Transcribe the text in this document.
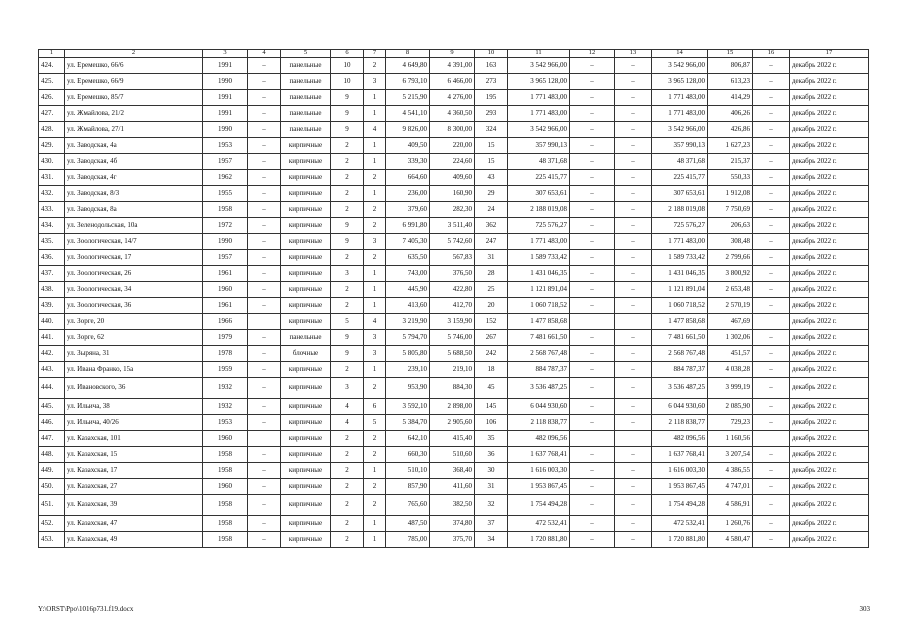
1	2	3	4	5	6	7	8	9	10	11	12	13	14	15	16	17
424.	ул. Еремешко, 66/6	1991	–	панельные	10	2	4 649,80	4 391,00	163	3 542 966,00	–	–	3 542 966,00	806,87	–	декабрь 2022 г.
425.	ул. Еремешко, 66/9	1990	–	панельные	10	3	6 793,10	6 466,00	273	3 965 128,00	–	–	3 965 128,00	613,23	–	декабрь 2022 г.
426.	ул. Еремешко, 85/7	1991	–	панельные	9	1	5 215,90	4 276,00	195	1 771 483,00	–	–	1 771 483,00	414,29	–	декабрь 2022 г.
427.	ул. Жмайлова, 21/2	1991	–	панельные	9	1	4 541,10	4 360,50	293	1 771 483,00	–	–	1 771 483,00	406,26	–	декабрь 2022 г.
428.	ул. Жмайлова, 27/1	1990	–	панельные	9	4	9 826,00	8 300,00	324	3 542 966,00	–	–	3 542 966,00	426,86	–	декабрь 2022 г.
429.	ул. Заводская, 4а	1953	–	кирпичные	2	1	409,50	220,00	15	357 990,13	–	–	357 990,13	1 627,23	–	декабрь 2022 г.
430.	ул. Заводская, 4б	1957	–	кирпичные	2	1	339,30	224,60	15	48 371,68	–	–	48 371,68	215,37	–	декабрь 2022 г.
431.	ул. Заводская, 4г	1962	–	кирпичные	2	2	664,60	409,60	43	225 415,77	–	–	225 415,77	550,33	–	декабрь 2022 г.
432.	ул. Заводская, 8/3	1955	–	кирпичные	2	1	236,00	160,90	29	307 653,61	–	–	307 653,61	1 912,08	–	декабрь 2022 г.
433.	ул. Заводская, 8а	1958	–	кирпичные	2	2	379,60	282,30	24	2 188 019,08	–	–	2 188 019,08	7 750,69	–	декабрь 2022 г.
434.	ул. Зеленодольская, 10а	1972	–	кирпичные	9	2	6 991,80	3 511,40	362	725 576,27	–	–	725 576,27	206,63	–	декабрь 2022 г.
435.	ул. Зоологическая, 14/7	1990	–	кирпичные	9	3	7 405,30	5 742,60	247	1 771 483,00	–	–	1 771 483,00	308,48	–	декабрь 2022 г.
436.	ул. Зоологическая, 17	1957	–	кирпичные	2	2	635,50	567,83	31	1 589 733,42	–	–	1 589 733,42	2 799,66	–	декабрь 2022 г.
437.	ул. Зоологическая, 26	1961	–	кирпичные	3	1	743,00	376,50	28	1 431 046,35	–	–	1 431 046,35	3 800,92	–	декабрь 2022 г.
438.	ул. Зоологическая, 34	1960	–	кирпичные	2	1	445,90	422,80	25	1 121 891,04	–	–	1 121 891,04	2 653,48	–	декабрь 2022 г.
439.	ул. Зоологическая, 36	1961	–	кирпичные	2	1	413,60	412,70	20	1 060 718,52	–	–	1 060 718,52	2 570,19	–	декабрь 2022 г.
440.	ул. Зорге, 20	1966		кирпичные	5	4	3 219,90	3 159,90	152	1 477 858,68			1 477 858,68	467,69		декабрь 2022 г.
441.	ул. Зорге, 62	1979	–	панельные	9	3	5 794,70	5 746,00	267	7 481 661,50	–	–	7 481 661,50	1 302,06	–	декабрь 2022 г.
442.	ул. Зыряна, 31	1978	–	блочные	9	3	5 805,80	5 688,50	242	2 568 767,48	–	–	2 568 767,48	451,57	–	декабрь 2022 г.
443.	ул. Ивана Франко, 15а	1959	–	кирпичные	2	1	239,10	219,10	18	884 787,37	–	–	884 787,37	4 038,28	–	декабрь 2022 г.
444.	ул. Ивановского, 36	1932	–	кирпичные	3	2	953,90	884,30	45	3 536 487,25	–	–	3 536 487,25	3 999,19	–	декабрь 2022 г.
445.	ул. Ильича, 38	1932	–	кирпичные	4	6	3 592,10	2 898,00	145	6 044 930,60	–	–	6 044 930,60	2 085,90	–	декабрь 2022 г.
446.	ул. Ильича, 40/26	1953	–	кирпичные	4	5	5 384,70	2 905,60	106	2 118 838,77	–	–	2 118 838,77	729,23	–	декабрь 2022 г.
447.	ул. Казахская, 101	1960		кирпичные	2	2	642,10	415,40	35	482 096,56			482 096,56	1 160,56		декабрь 2022 г.
448.	ул. Казахская, 15	1958	–	кирпичные	2	2	660,30	510,60	36	1 637 768,41	–	–	1 637 768,41	3 207,54	–	декабрь 2022 г.
449.	ул. Казахская, 17	1958	–	кирпичные	2	1	510,10	368,40	30	1 616 003,30	–	–	1 616 003,30	4 386,55	–	декабрь 2022 г.
450.	ул. Казахская, 27	1960	–	кирпичные	2	2	857,90	411,60	31	1 953 867,45	–	–	1 953 867,45	4 747,01	–	декабрь 2022 г.
451.	ул. Казахская, 39	1958	–	кирпичные	2	2	765,60	382,50	32	1 754 494,28	–	–	1 754 494,28	4 586,91	–	декабрь 2022 г.
452.	ул. Казахская, 47	1958	–	кирпичные	2	1	487,50	374,80	37	472 532,41	–	–	472 532,41	1 260,76	–	декабрь 2022 г.
453.	ул. Казахская, 49	1958	–	кирпичные	2	1	785,00	375,70	34	1 720 881,80	–	–	1 720 881,80	4 580,47	–	декабрь 2022 г.
Y:\ORST\Ppo\1016p731.f19.docx	303
